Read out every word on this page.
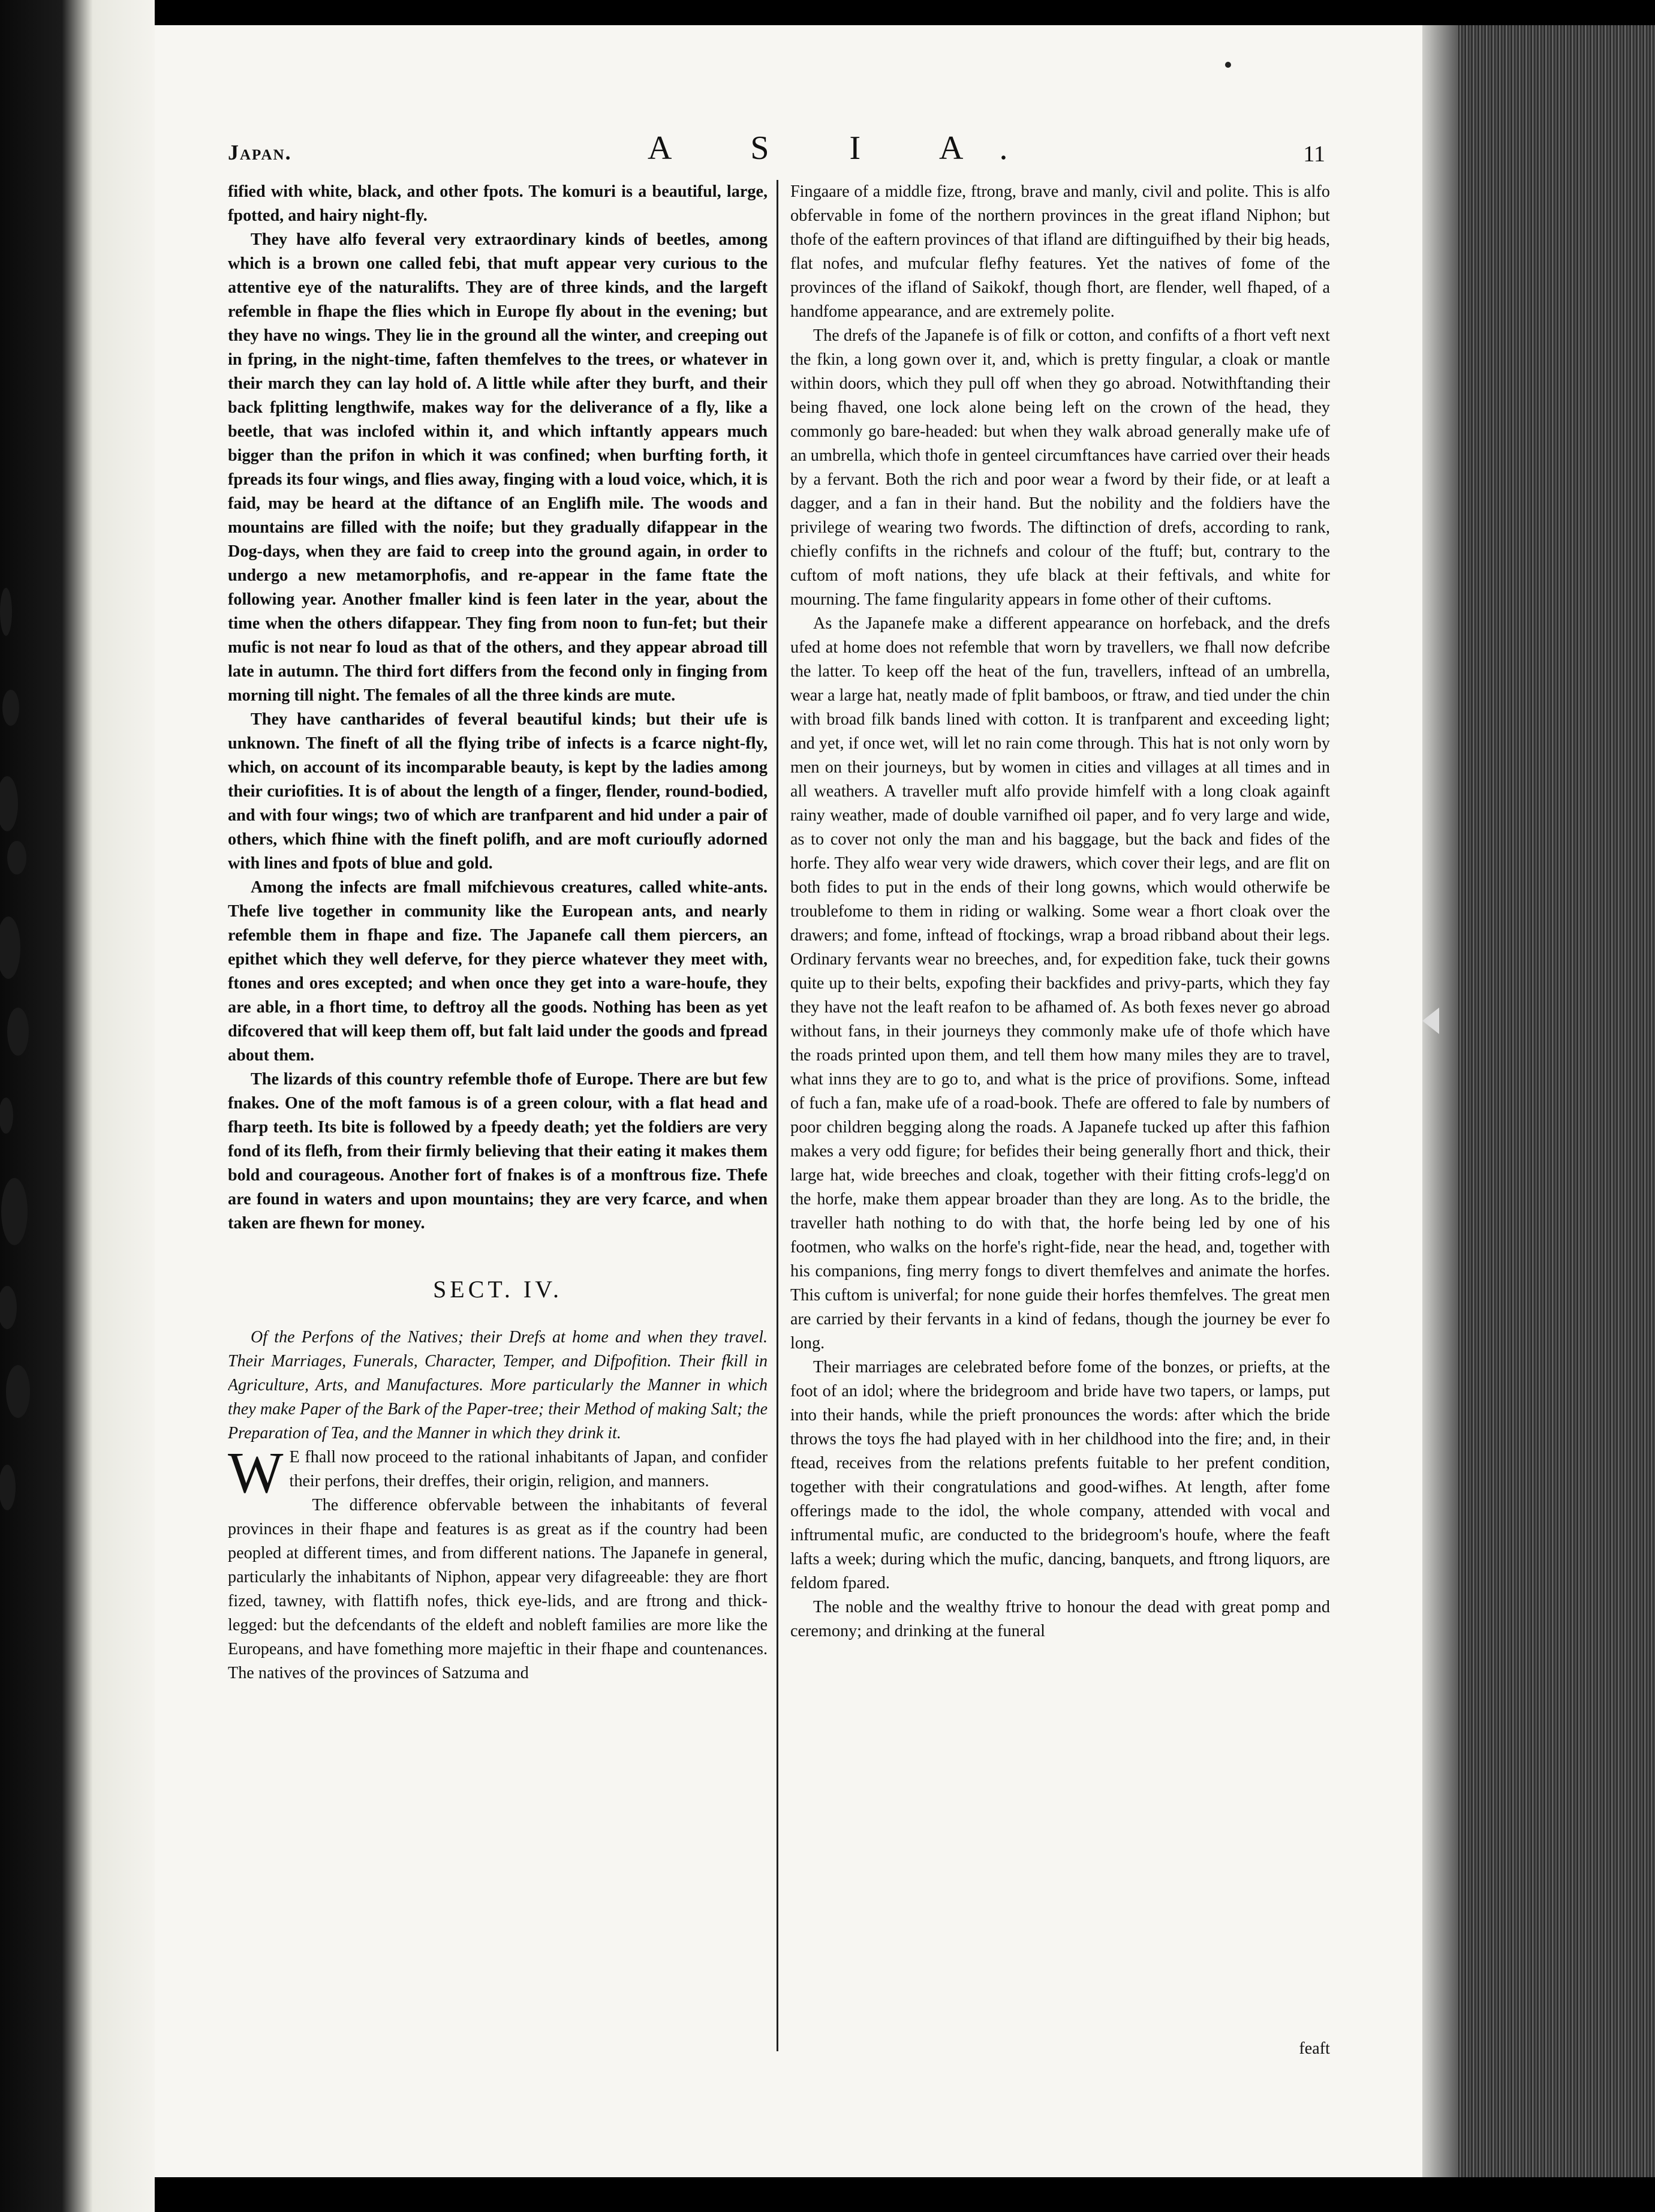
Japan.	A S I A.	11

fified with white, black, and other fpots. The komuri is a beautiful, large, fpotted, and hairy night-fly.

They have alfo feveral very extraordinary kinds of beetles, among which is a brown one called febi, that muft appear very curious to the attentive eye of the naturalifts. They are of three kinds, and the largeft refemble in fhape the flies which in Europe fly about in the evening; but they have no wings. They lie in the ground all the winter, and creeping out in fpring, in the night-time, faften themfelves to the trees, or whatever in their march they can lay hold of. A little while after they burft, and their back fplitting lengthwife, makes way for the deliverance of a fly, like a beetle, that was inclofed within it, and which inftantly appears much bigger than the prifon in which it was confined; when burfting forth, it fpreads its four wings, and flies away, finging with a loud voice, which, it is faid, may be heard at the diftance of an Englifh mile. The woods and mountains are filled with the noife; but they gradually difappear in the Dog-days, when they are faid to creep into the ground again, in order to undergo a new metamorphofis, and re-appear in the fame ftate the following year. Another fmaller kind is feen later in the year, about the time when the others difappear. They fing from noon to fun-fet; but their mufic is not near fo loud as that of the others, and they appear abroad till late in autumn. The third fort differs from the fecond only in finging from morning till night. The females of all the three kinds are mute.

They have cantharides of feveral beautiful kinds; but their ufe is unknown. The fineft of all the flying tribe of infects is a fcarce night-fly, which, on account of its incomparable beauty, is kept by the ladies among their curiofities. It is of about the length of a finger, flender, round-bodied, and with four wings; two of which are tranfparent and hid under a pair of others, which fhine with the fineft polifh, and are moft curioufly adorned with lines and fpots of blue and gold.

Among the infects are fmall mifchievous creatures, called white-ants. Thefe live together in community like the European ants, and nearly refemble them in fhape and fize. The Japanefe call them piercers, an epithet which they well deferve, for they pierce whatever they meet with, ftones and ores excepted; and when once they get into a ware-houfe, they are able, in a fhort time, to deftroy all the goods. Nothing has been as yet difcovered that will keep them off, but falt laid under the goods and fpread about them.

The lizards of this country refemble thofe of Europe. There are but few fnakes. One of the moft famous is of a green colour, with a flat head and fharp teeth. Its bite is followed by a fpeedy death; yet the foldiers are very fond of its flefh, from their firmly believing that their eating it makes them bold and courageous. Another fort of fnakes is of a monftrous fize. Thefe are found in waters and upon mountains; they are very fcarce, and when taken are fhewn for money.

SECT. IV.

Of the Perfons of the Natives; their Drefs at home and when they travel. Their Marriages, Funerals, Character, Temper, and Difpofition. Their fkill in Agriculture, Arts, and Manufactures. More particularly the Manner in which they make Paper of the Bark of the Paper-tree; their Method of making Salt; the Preparation of Tea, and the Manner in which they drink it.

W E fhall now proceed to the rational inhabitants of Japan, and confider their perfons, their dreffes, their origin, religion, and manners.

The difference obfervable between the inhabitants of feveral provinces in their fhape and features is as great as if the country had been peopled at different times, and from different nations. The Japanefe in general, particularly the inhabitants of Niphon, appear very difagreeable: they are fhort fized, tawney, with flattifh nofes, thick eye-lids, and are ftrong and thick-legged: but the defcendants of the eldeft and nobleft families are more like the Europeans, and have fomething more majeftic in their fhape and countenances. The natives of the provinces of Satzuma and

Fingaare of a middle fize, ftrong, brave and manly, civil and polite. This is alfo obfervable in fome of the northern provinces in the great ifland Niphon; but thofe of the eaftern provinces of that ifland are diftinguifhed by their big heads, flat nofes, and mufcular flefhy features. Yet the natives of fome of the provinces of the ifland of Saikokf, though fhort, are flender, well fhaped, of a handfome appearance, and are extremely polite.

The drefs of the Japanefe is of filk or cotton, and confifts of a fhort veft next the fkin, a long gown over it, and, which is pretty fingular, a cloak or mantle within doors, which they pull off when they go abroad. Notwithftanding their being fhaved, one lock alone being left on the crown of the head, they commonly go bare-headed: but when they walk abroad generally make ufe of an umbrella, which thofe in genteel circumftances have carried over their heads by a fervant. Both the rich and poor wear a fword by their fide, or at leaft a dagger, and a fan in their hand. But the nobility and the foldiers have the privilege of wearing two fwords. The diftinction of drefs, according to rank, chiefly confifts in the richnefs and colour of the ftuff; but, contrary to the cuftom of moft nations, they ufe black at their feftivals, and white for mourning. The fame fingularity appears in fome other of their cuftoms.

As the Japanefe make a different appearance on horfeback, and the drefs ufed at home does not refemble that worn by travellers, we fhall now defcribe the latter. To keep off the heat of the fun, travellers, inftead of an umbrella, wear a large hat, neatly made of fplit bamboos, or ftraw, and tied under the chin with broad filk bands lined with cotton. It is tranfparent and exceeding light; and yet, if once wet, will let no rain come through. This hat is not only worn by men on their journeys, but by women in cities and villages at all times and in all weathers. A traveller muft alfo provide himfelf with a long cloak againft rainy weather, made of double varnifhed oil paper, and fo very large and wide, as to cover not only the man and his baggage, but the back and fides of the horfe. They alfo wear very wide drawers, which cover their legs, and are flit on both fides to put in the ends of their long gowns, which would otherwife be troublefome to them in riding or walking. Some wear a fhort cloak over the drawers; and fome, inftead of ftockings, wrap a broad ribband about their legs. Ordinary fervants wear no breeches, and, for expedition fake, tuck their gowns quite up to their belts, expofing their backfides and privy-parts, which they fay they have not the leaft reafon to be afhamed of. As both fexes never go abroad without fans, in their journeys they commonly make ufe of thofe which have the roads printed upon them, and tell them how many miles they are to travel, what inns they are to go to, and what is the price of provifions. Some, inftead of fuch a fan, make ufe of a road-book. Thefe are offered to fale by numbers of poor children begging along the roads. A Japanefe tucked up after this fafhion makes a very odd figure; for befides their being generally fhort and thick, their large hat, wide breeches and cloak, together with their fitting crofs-legg'd on the horfe, make them appear broader than they are long. As to the bridle, the traveller hath nothing to do with that, the horfe being led by one of his footmen, who walks on the horfe's right-fide, near the head, and, together with his companions, fing merry fongs to divert themfelves and animate the horfes. This cuftom is univerfal; for none guide their horfes themfelves. The great men are carried by their fervants in a kind of fedans, though the journey be ever fo long.

Their marriages are celebrated before fome of the bonzes, or priefts, at the foot of an idol; where the bridegroom and bride have two tapers, or lamps, put into their hands, while the prieft pronounces the words: after which the bride throws the toys fhe had played with in her childhood into the fire; and, in their ftead, receives from the relations prefents fuitable to her prefent condition, together with their congratulations and good-wifhes. At length, after fome offerings made to the idol, the whole company, attended with vocal and inftrumental mufic, are conducted to the bridegroom's houfe, where the feaft lafts a week; during which the mufic, dancing, banquets, and ftrong liquors, are feldom fpared.

The noble and the wealthy ftrive to honour the dead with great pomp and ceremony; and drinking at the funeral

feaft
